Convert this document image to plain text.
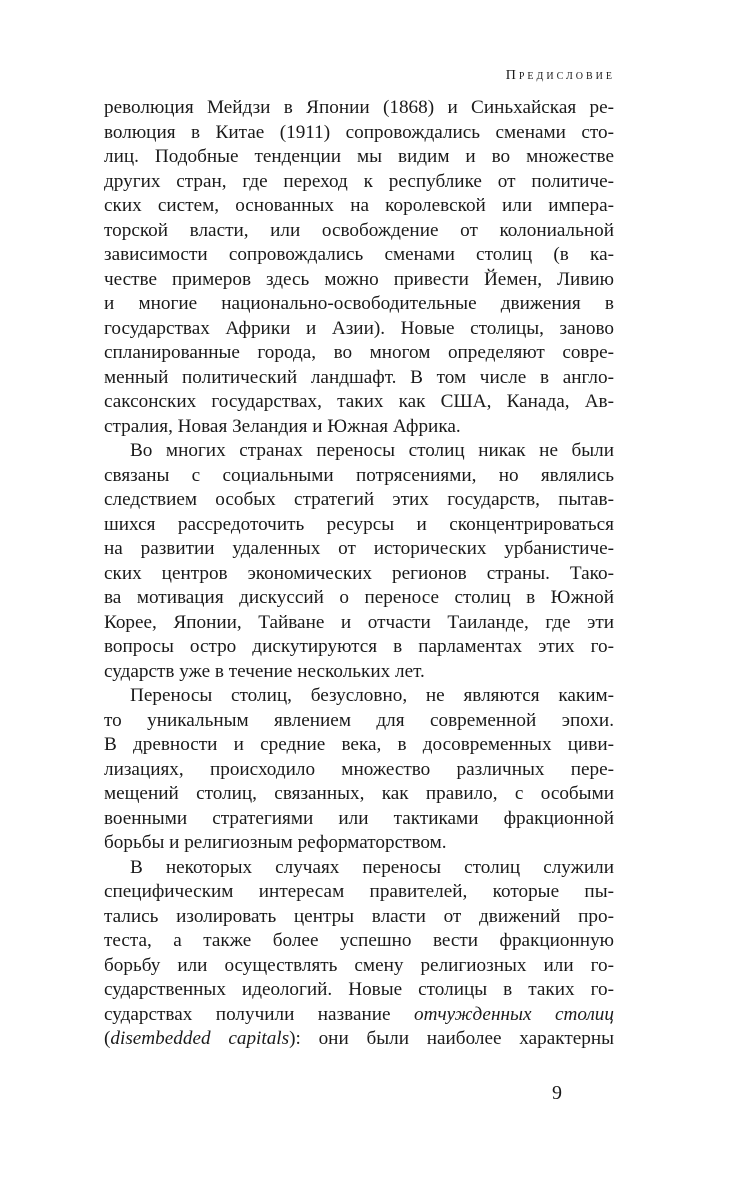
Предисловие
революция Мейдзи в Японии (1868) и Синьхайская ре-
волюция в Китае (1911) сопровождались сменами сто-
лиц. Подобные тенденции мы видим и во множестве
других стран, где переход к республике от политиче-
ских систем, основанных на королевской или импера-
торской власти, или освобождение от колониальной
зависимости сопровождались сменами столиц (в ка-
честве примеров здесь можно привести Йемен, Ливию
и многие национально-освободительные движения в
государствах Африки и Азии). Новые столицы, заново
спланированные города, во многом определяют совре-
менный политический ландшафт. В том числе в англо-
саксонских государствах, таких как США, Канада, Ав-
стралия, Новая Зеландия и Южная Африка.
Во многих странах переносы столиц никак не были
связаны с социальными потрясениями, но являлись
следствием особых стратегий этих государств, пытав-
шихся рассредоточить ресурсы и сконцентрироваться
на развитии удаленных от исторических урбанистиче-
ских центров экономических регионов страны. Тако-
ва мотивация дискуссий о переносе столиц в Южной
Корее, Японии, Тайване и отчасти Таиланде, где эти
вопросы остро дискутируются в парламентах этих го-
сударств уже в течение нескольких лет.
Переносы столиц, безусловно, не являются каким-
то уникальным явлением для современной эпохи.
В древности и средние века, в досовременных циви-
лизациях, происходило множество различных пере-
мещений столиц, связанных, как правило, с особыми
военными стратегиями или тактиками фракционной
борьбы и религиозным реформаторством.
В некоторых случаях переносы столиц служили
специфическим интересам правителей, которые пы-
тались изолировать центры власти от движений про-
теста, а также более успешно вести фракционную
борьбу или осуществлять смену религиозных или го-
сударственных идеологий. Новые столицы в таких го-
сударствах получили название отчужденных столиц
(disembedded capitals): они были наиболее характерны
9
